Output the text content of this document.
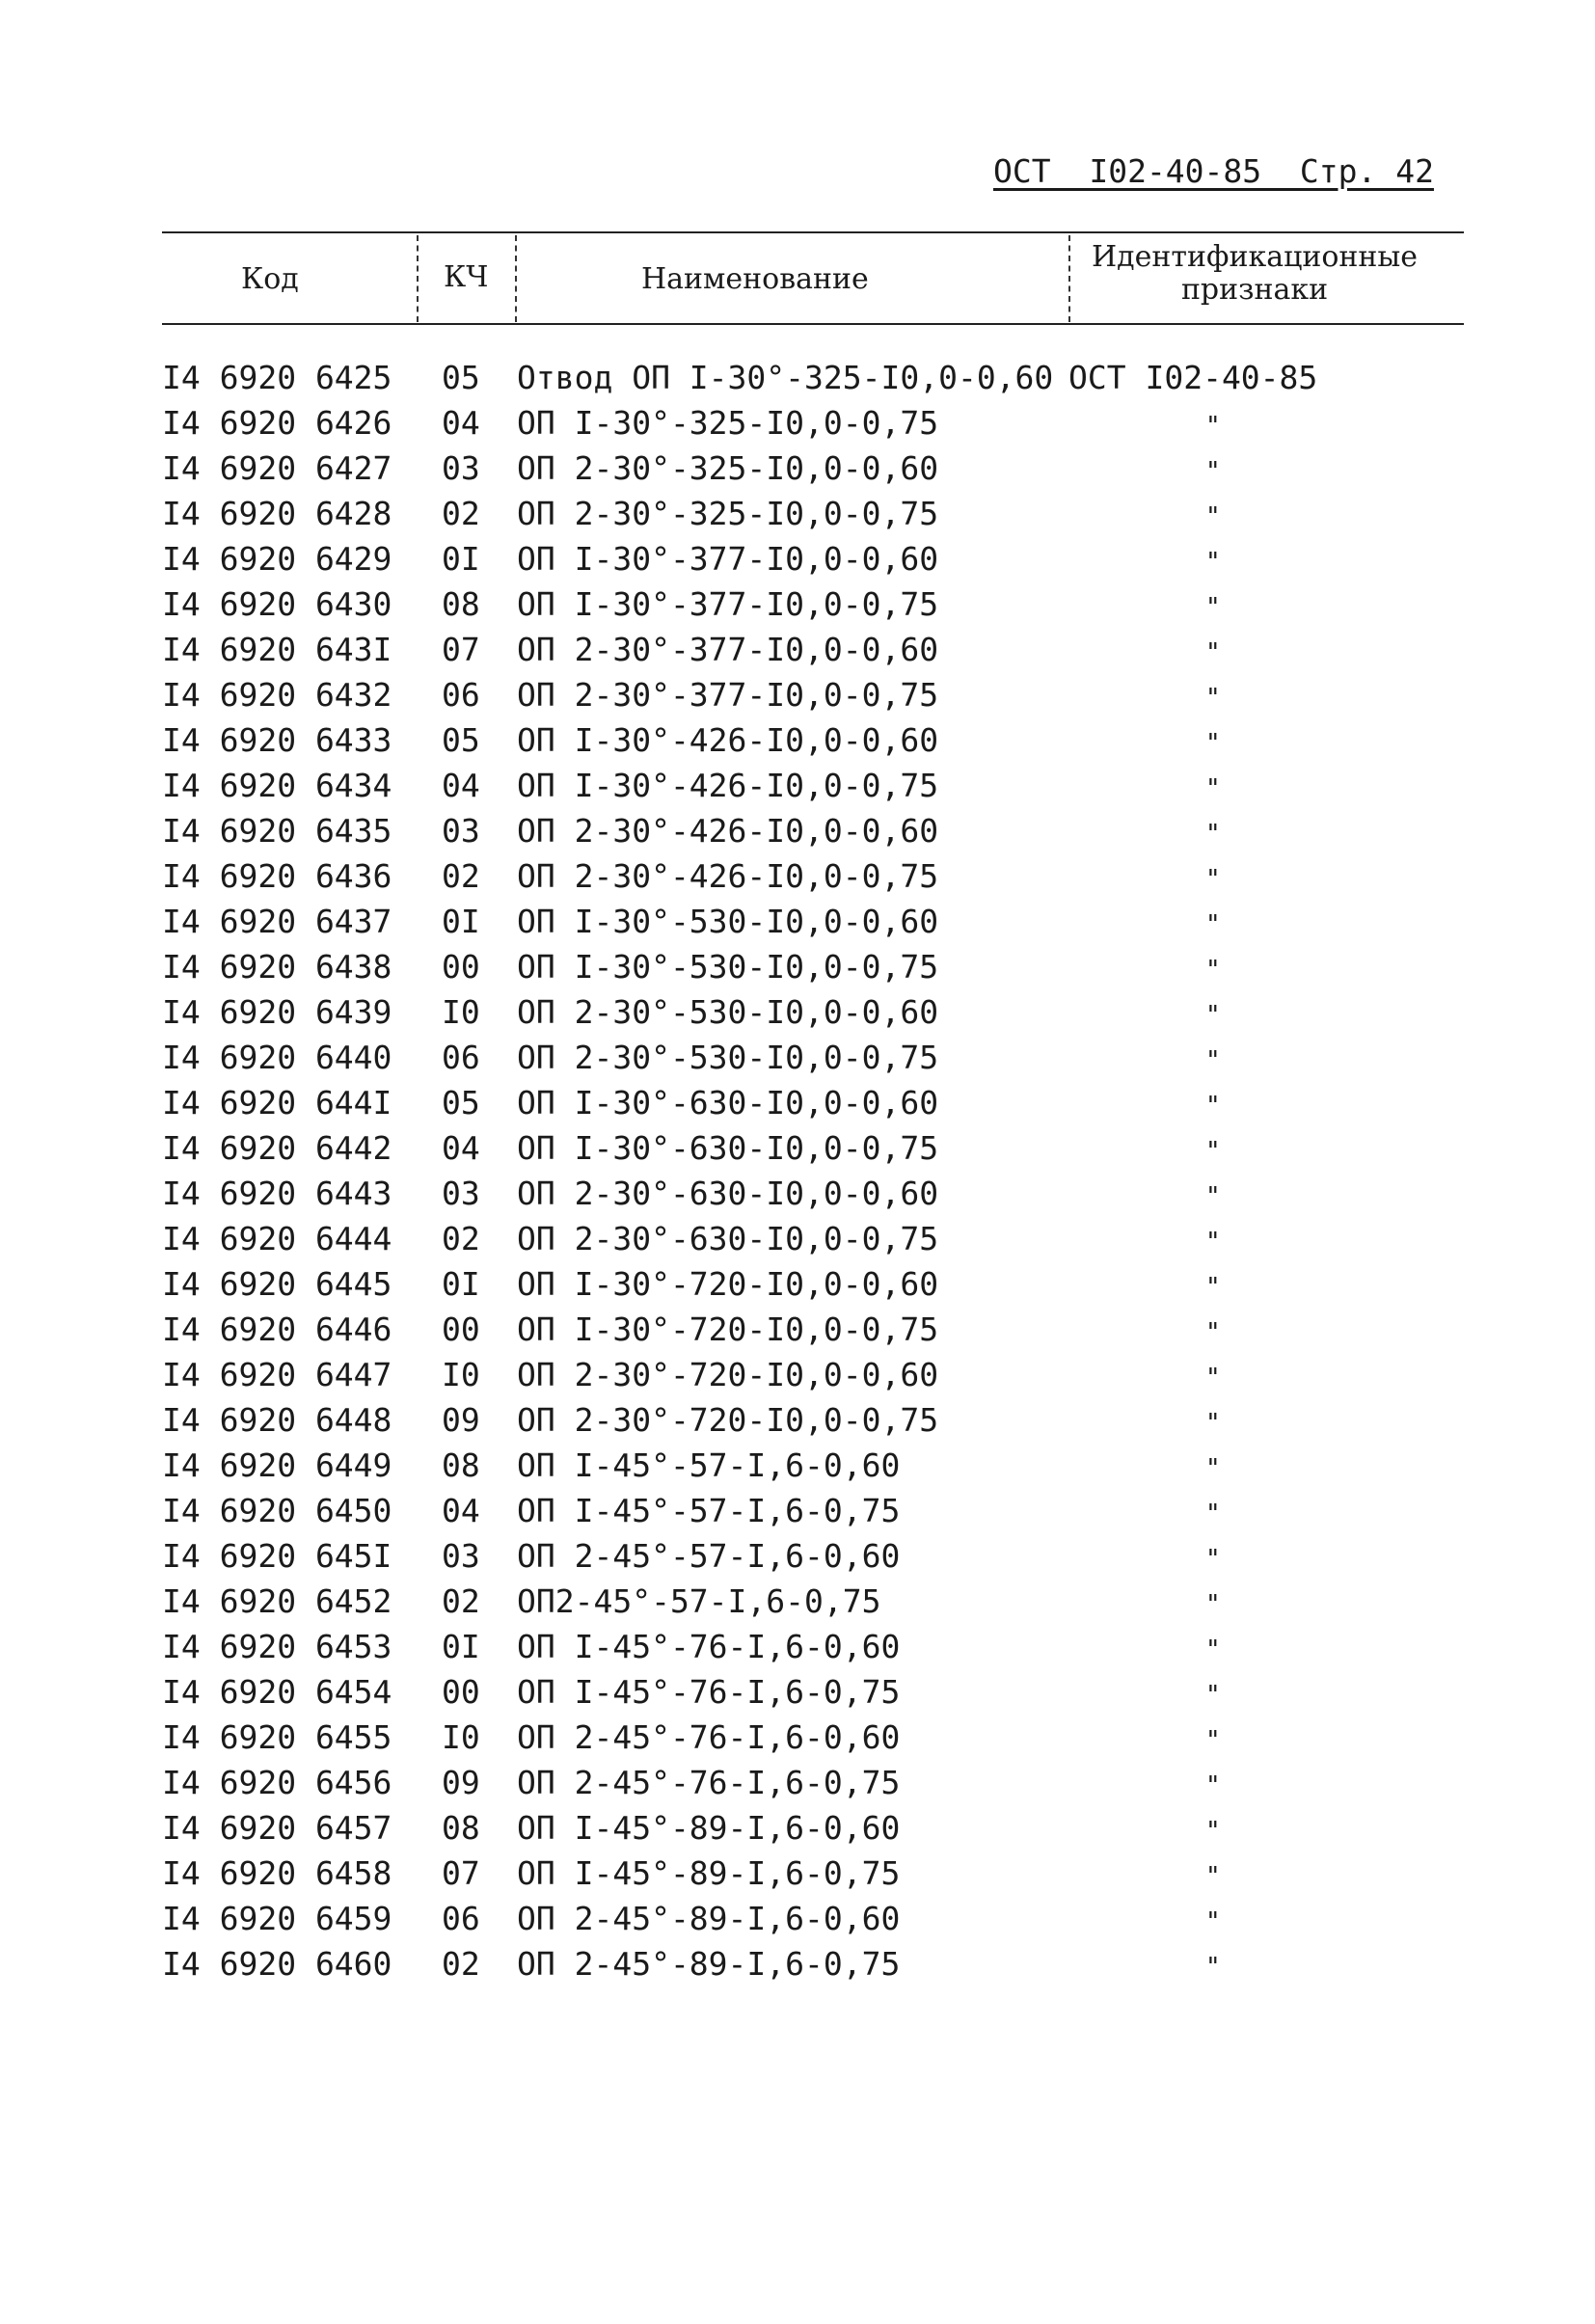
ОСТ  I02-40-85  Стр. 42
Код	КЧ	Наименование
Идентификационные
признаки
I4 6920 6425 05 Отвод ОП I-30°-325-I0,0-0,60 ОСТ I02-40-85
I4 6920 6426 04 ОП I-30°-325-I0,0-0,75	"
I4 6920 6427 03 ОП 2-30°-325-I0,0-0,60	"
I4 6920 6428 02 ОП 2-30°-325-I0,0-0,75	"
I4 6920 6429 0I ОП I-30°-377-I0,0-0,60	"
I4 6920 6430 08 ОП I-30°-377-I0,0-0,75	"
I4 6920 643I 07 ОП 2-30°-377-I0,0-0,60	"
I4 6920 6432 06 ОП 2-30°-377-I0,0-0,75	"
I4 6920 6433 05 ОП I-30°-426-I0,0-0,60	"
I4 6920 6434 04 ОП I-30°-426-I0,0-0,75	"
I4 6920 6435 03 ОП 2-30°-426-I0,0-0,60	"
I4 6920 6436 02 ОП 2-30°-426-I0,0-0,75	"
I4 6920 6437 0I ОП I-30°-530-I0,0-0,60	"
I4 6920 6438 00 ОП I-30°-530-I0,0-0,75	"
I4 6920 6439 I0 ОП 2-30°-530-I0,0-0,60	"
I4 6920 6440 06 ОП 2-30°-530-I0,0-0,75	"
I4 6920 644I 05 ОП I-30°-630-I0,0-0,60	"
I4 6920 6442 04 ОП I-30°-630-I0,0-0,75	"
I4 6920 6443 03 ОП 2-30°-630-I0,0-0,60	"
I4 6920 6444 02 ОП 2-30°-630-I0,0-0,75	"
I4 6920 6445 0I ОП I-30°-720-I0,0-0,60	"
I4 6920 6446 00 ОП I-30°-720-I0,0-0,75	"
I4 6920 6447 I0 ОП 2-30°-720-I0,0-0,60	"
I4 6920 6448 09 ОП 2-30°-720-I0,0-0,75	"
I4 6920 6449 08 ОП I-45°-57-I,6-0,60	"
I4 6920 6450 04 ОП I-45°-57-I,6-0,75	"
I4 6920 645I 03 ОП 2-45°-57-I,6-0,60	"
I4 6920 6452 02 ОП2-45°-57-I,6-0,75	"
I4 6920 6453 0I ОП I-45°-76-I,6-0,60	"
I4 6920 6454 00 ОП I-45°-76-I,6-0,75	"
I4 6920 6455 I0 ОП 2-45°-76-I,6-0,60	"
I4 6920 6456 09 ОП 2-45°-76-I,6-0,75	"
I4 6920 6457 08 ОП I-45°-89-I,6-0,60	"
I4 6920 6458 07 ОП I-45°-89-I,6-0,75	"
I4 6920 6459 06 ОП 2-45°-89-I,6-0,60	"
I4 6920 6460 02 ОП 2-45°-89-I,6-0,75	"
